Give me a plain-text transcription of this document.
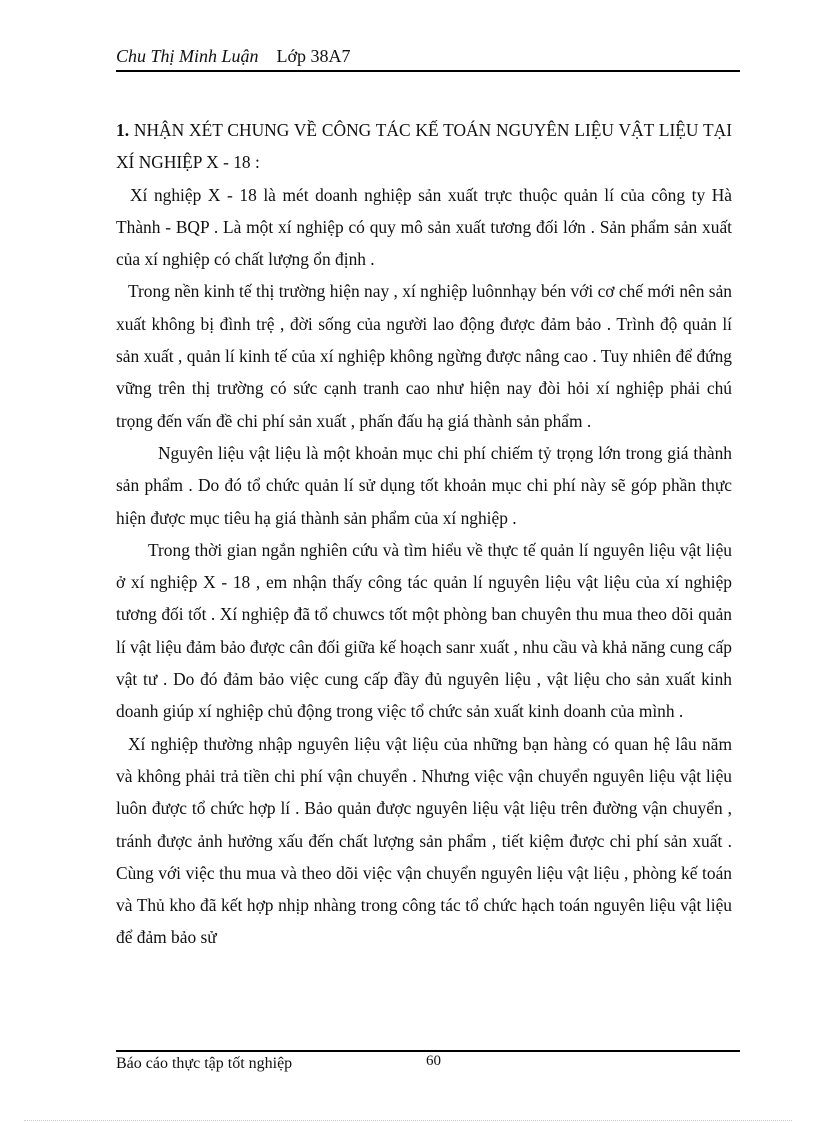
Chu Thị Minh Luận Lớp 38A7

1. NHẬN XÉT CHUNG VỀ CÔNG TÁC KẾ TOÁN NGUYÊN LIỆU VẬT LIỆU TẠI XÍ NGHIỆP X - 18 :

Xí nghiệp X - 18 là mét doanh nghiệp sản xuất trực thuộc quản lí của công ty Hà Thành - BQP . Là một xí nghiệp có quy mô sản xuất tương đối lớn . Sản phẩm sản xuất của xí nghiệp có chất lượng ổn định .

Trong nền kinh tế thị trường hiện nay , xí nghiệp luônnhạy bén với cơ chế mới nên sản xuất không bị đình trệ , đời sống của người lao động được đảm bảo . Trình độ quản lí sản xuất , quản lí kinh tế của xí nghiệp không ngừng được nâng cao . Tuy nhiên để đứng vững trên thị trường có sức cạnh tranh cao như hiện nay đòi hỏi xí nghiệp phải chú trọng đến vấn đề chi phí sản xuất , phấn đấu hạ giá thành sản phẩm .

Nguyên liệu vật liệu là một khoản mục chi phí chiếm tỷ trọng lớn trong giá thành sản phẩm . Do đó tổ chức quản lí sử dụng tốt khoản mục chi phí này sẽ góp phần thực hiện được mục tiêu hạ giá thành sản phẩm của xí nghiệp .

Trong thời gian ngắn nghiên cứu và tìm hiểu về thực tế quản lí nguyên liệu vật liệu ở xí nghiệp X - 18 , em nhận thấy công tác quản lí nguyên liệu vật liệu của xí nghiệp tương đối tốt . Xí nghiệp đã tổ chuwcs tốt một phòng ban chuyên thu mua theo dõi quản lí vật liệu đảm bảo được cân đối giữa kế hoạch sanr xuất , nhu cầu và khả năng cung cấp vật tư . Do đó đảm bảo việc cung cấp đầy đủ nguyên liệu , vật liệu cho sản xuất kinh doanh giúp xí nghiệp chủ động trong việc tổ chức sản xuất kinh doanh của mình .

Xí nghiệp thường nhập nguyên liệu vật liệu của những bạn hàng có quan hệ lâu năm và không phải trả tiền chi phí vận chuyển . Nhưng việc vận chuyển nguyên liệu vật liệu luôn được tổ chức hợp lí . Bảo quản được nguyên liệu vật liệu trên đường vận chuyển , tránh được ảnh hưởng xấu đến chất lượng sản phẩm , tiết kiệm được chi phí sản xuất . Cùng với việc thu mua và theo dõi việc vận chuyển nguyên liệu vật liệu , phòng kế toán và Thủ kho đã kết hợp nhịp nhàng trong công tác tổ chức hạch toán nguyên liệu vật liệu để đảm bảo sử

Báo cáo thực tập tốt nghiệp	60
